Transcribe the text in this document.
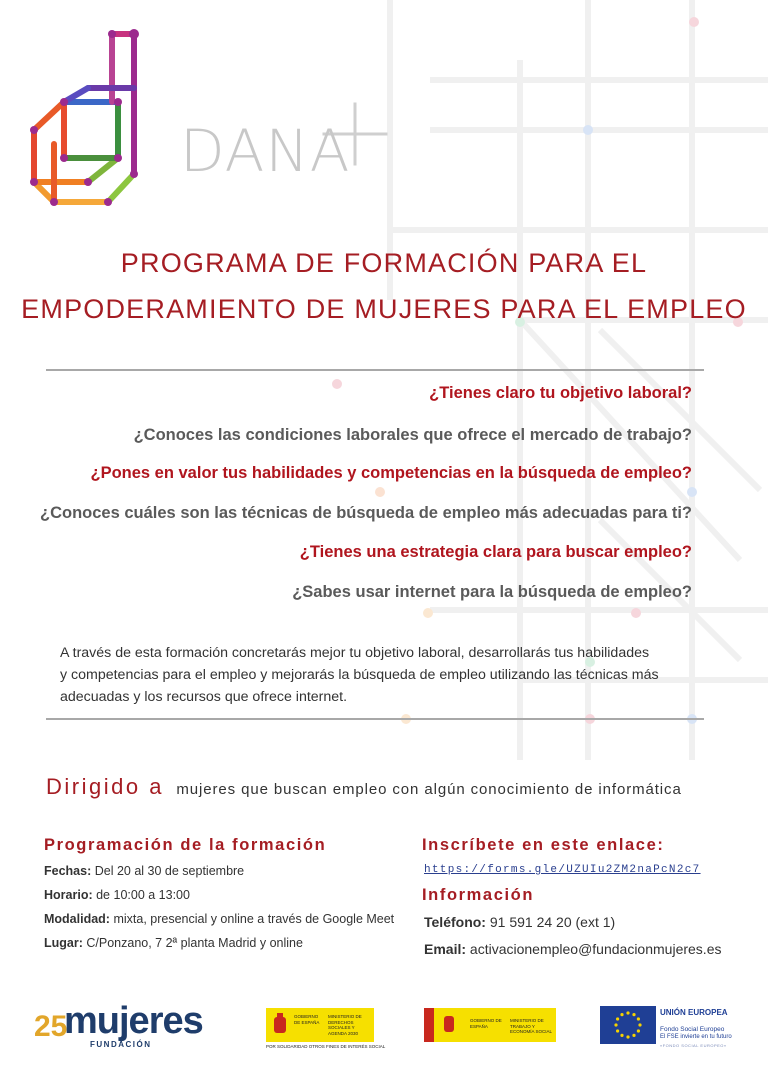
DANA
PROGRAMA DE FORMACIÓN PARA EL
EMPODERAMIENTO DE MUJERES PARA EL EMPLEO
¿Tienes claro tu objetivo laboral?
¿Conoces las condiciones laborales que ofrece el mercado de trabajo?
¿Pones en valor tus habilidades y competencias en la búsqueda de empleo?
¿Conoces cuáles son las técnicas de búsqueda de empleo más adecuadas para ti?
¿Tienes una estrategia clara para buscar empleo?
¿Sabes usar internet para la búsqueda de empleo?
A través de esta formación concretarás mejor tu objetivo laboral, desarrollarás tus habilidades
y competencias para el empleo y mejorarás la búsqueda de empleo utilizando las técnicas más
adecuadas y los recursos que ofrece internet.
Dirigido a mujeres que buscan empleo con algún conocimiento de informática
Programación de la formación
Fechas: Del 20 al 30 de septiembre
Horario: de 10:00 a 13:00
Modalidad: mixta, presencial y online a través de Google Meet
Lugar: C/Ponzano, 7 2ª planta Madrid y online
Inscríbete en este enlace:
https://forms.gle/UZUIu2ZM2naPcN2c7
Información
Teléfono: 91 591 24 20 (ext 1)
Email: activacionempleo@fundacionmujeres.es
25
mujeres
FUNDACIÓN
GOBIERNO DE ESPAÑA
MINISTERIO DE DERECHOS SOCIALES Y AGENDA 2030
POR SOLIDARIDAD OTROS FINES DE INTERÉS SOCIAL
GOBIERNO DE ESPAÑA
MINISTERIO DE TRABAJO Y ECONOMÍA SOCIAL
UNIÓN EUROPEA
Fondo Social Europeo
El FSE invierte en tu futuro
«FONDO SOCIAL EUROPEO»
